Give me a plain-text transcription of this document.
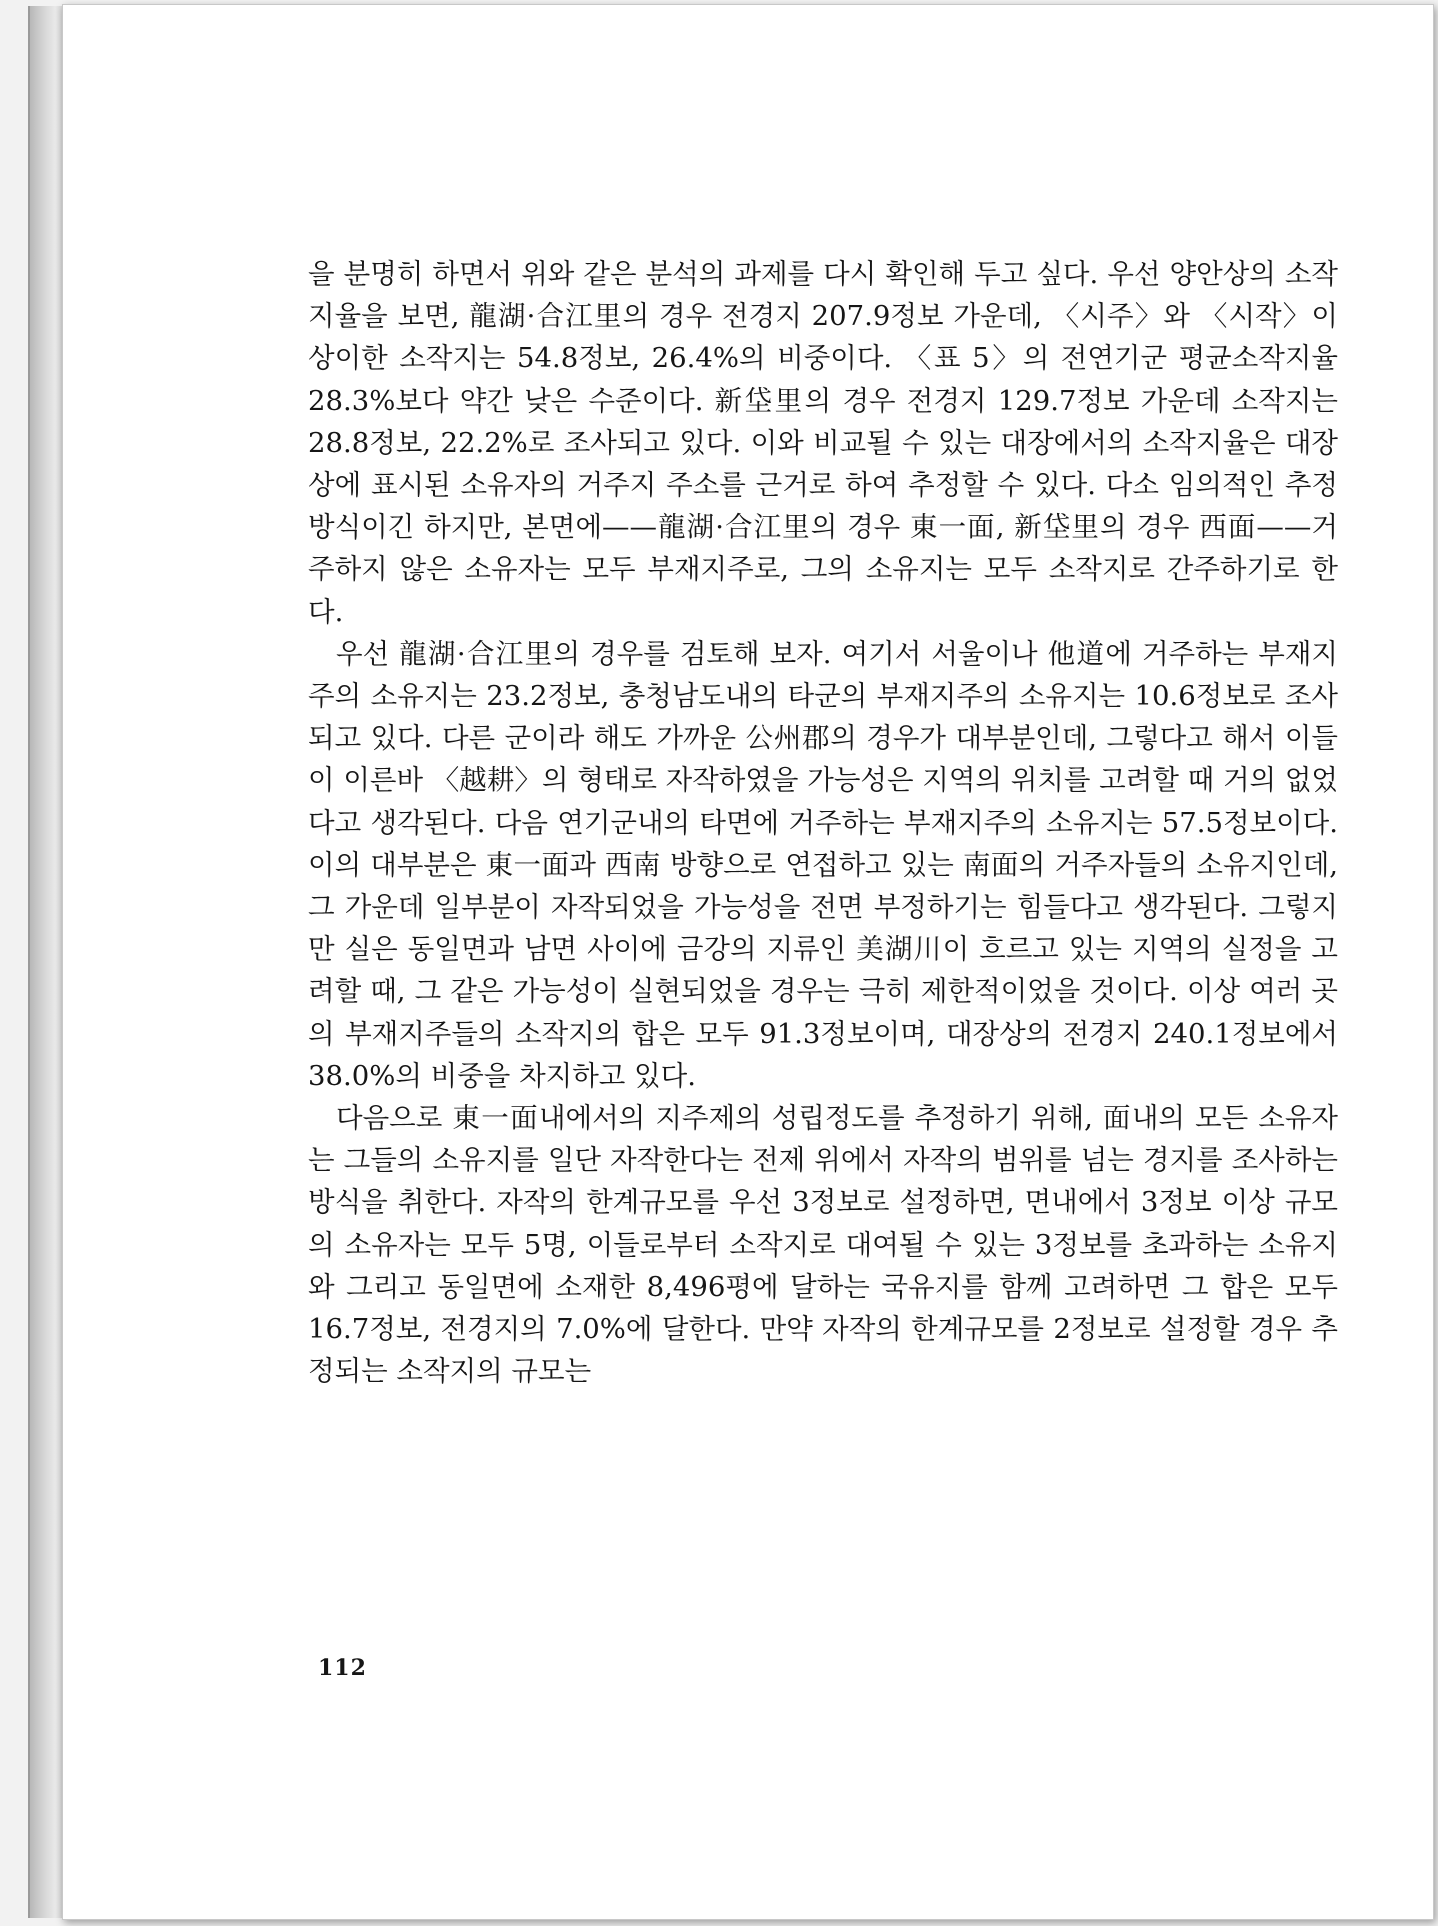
을 분명히 하면서 위와 같은 분석의 과제를 다시 확인해 두고 싶다. 우선 양안상의 소작지율을 보면, 龍湖·合江里의 경우 전경지 207.9정보 가운데, 〈시주〉와 〈시작〉이 상이한 소작지는 54.8정보, 26.4%의 비중이다. 〈표 5〉의 전연기군 평균소작지율 28.3%보다 약간 낮은 수준이다. 新垈里의 경우 전경지 129.7정보 가운데 소작지는 28.8정보, 22.2%로 조사되고 있다. 이와 비교될 수 있는 대장에서의 소작지율은 대장상에 표시된 소유자의 거주지 주소를 근거로 하여 추정할 수 있다. 다소 임의적인 추정방식이긴 하지만, 본면에——龍湖·合江里의 경우 東一面, 新垈里의 경우 西面——거주하지 않은 소유자는 모두 부재지주로, 그의 소유지는 모두 소작지로 간주하기로 한다.

우선 龍湖·合江里의 경우를 검토해 보자. 여기서 서울이나 他道에 거주하는 부재지주의 소유지는 23.2정보, 충청남도내의 타군의 부재지주의 소유지는 10.6정보로 조사되고 있다. 다른 군이라 해도 가까운 公州郡의 경우가 대부분인데, 그렇다고 해서 이들이 이른바 〈越耕〉의 형태로 자작하였을 가능성은 지역의 위치를 고려할 때 거의 없었다고 생각된다. 다음 연기군내의 타면에 거주하는 부재지주의 소유지는 57.5정보이다. 이의 대부분은 東一面과 西南 방향으로 연접하고 있는 南面의 거주자들의 소유지인데, 그 가운데 일부분이 자작되었을 가능성을 전면 부정하기는 힘들다고 생각된다. 그렇지만 실은 동일면과 남면 사이에 금강의 지류인 美湖川이 흐르고 있는 지역의 실정을 고려할 때, 그 같은 가능성이 실현되었을 경우는 극히 제한적이었을 것이다. 이상 여러 곳의 부재지주들의 소작지의 합은 모두 91.3정보이며, 대장상의 전경지 240.1정보에서 38.0%의 비중을 차지하고 있다.

다음으로 東一面내에서의 지주제의 성립정도를 추정하기 위해, 面내의 모든 소유자는 그들의 소유지를 일단 자작한다는 전제 위에서 자작의 범위를 넘는 경지를 조사하는 방식을 취한다. 자작의 한계규모를 우선 3정보로 설정하면, 면내에서 3정보 이상 규모의 소유자는 모두 5명, 이들로부터 소작지로 대여될 수 있는 3정보를 초과하는 소유지와 그리고 동일면에 소재한 8,496평에 달하는 국유지를 함께 고려하면 그 합은 모두 16.7정보, 전경지의 7.0%에 달한다. 만약 자작의 한계규모를 2정보로 설정할 경우 추정되는 소작지의 규모는

112
